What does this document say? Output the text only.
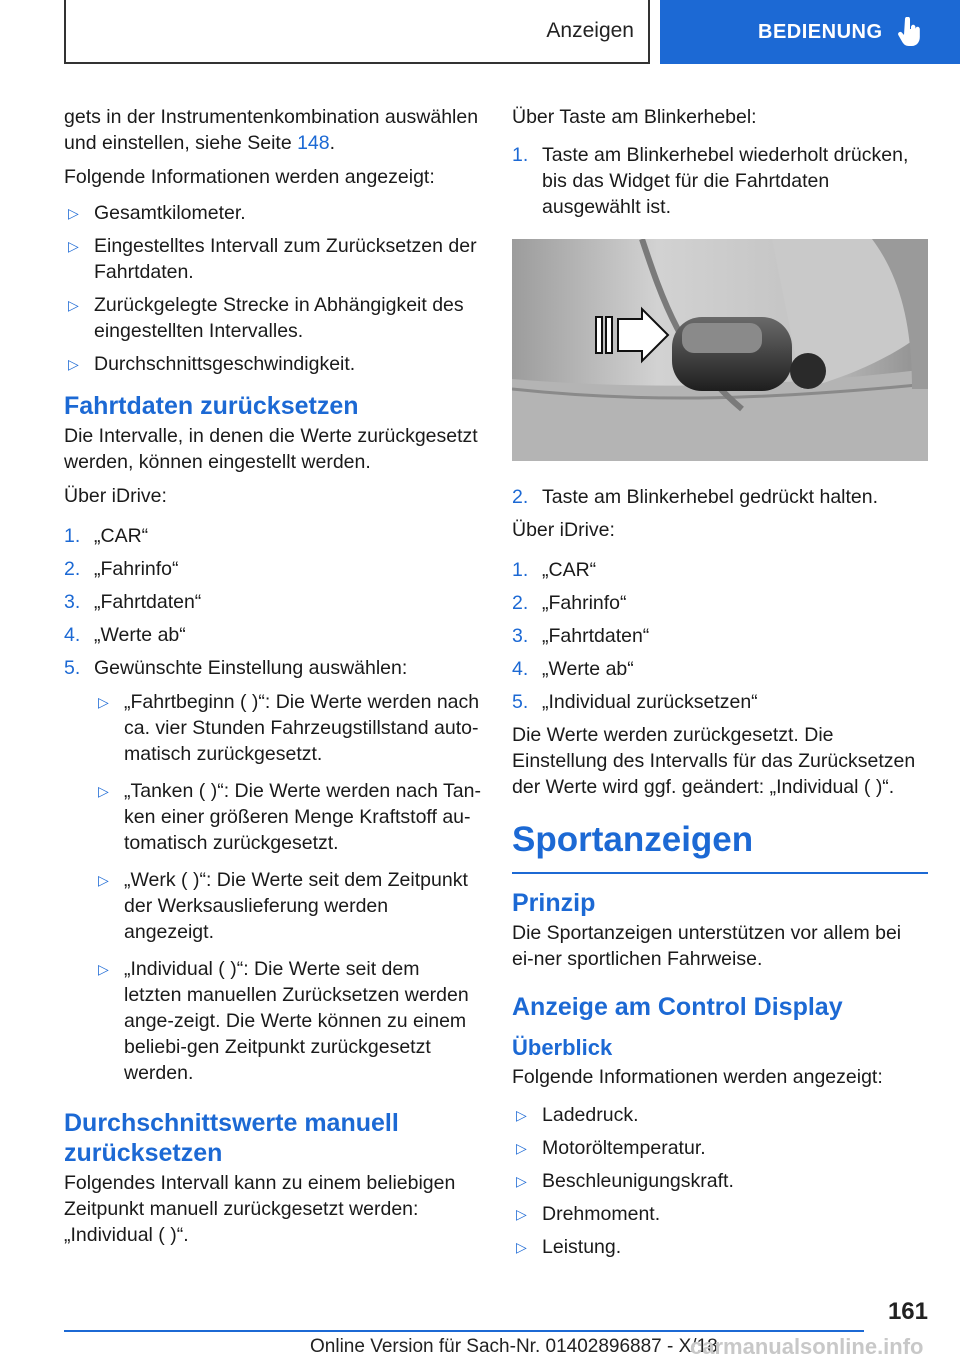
Anzeigen	BEDIENUNG

gets in der Instrumentenkombination auswählen und einstellen, siehe Seite 148.

Folgende Informationen werden angezeigt:

▷ Gesamtkilometer.
▷ Eingestelltes Intervall zum Zurücksetzen der Fahrtdaten.
▷ Zurückgelegte Strecke in Abhängigkeit des eingestellten Intervalles.
▷ Durchschnittsgeschwindigkeit.
Fahrtdaten zurücksetzen

Die Intervalle, in denen die Werte zurückgesetzt werden, können eingestellt werden.

Über iDrive:

1. „CAR“
2. „Fahrinfo“
3. „Fahrtdaten“
4. „Werte ab“
5. Gewünschte Einstellung auswählen:
▷ „Fahrtbeginn ( )“: Die Werte werden nach ca. vier Stunden Fahrzeugstillstand auto-matisch zurückgesetzt.
▷ „Tanken ( )“: Die Werte werden nach Tan-ken einer größeren Menge Kraftstoff au-tomatisch zurückgesetzt.
▷ „Werk ( )“: Die Werte seit dem Zeitpunkt der Werksauslieferung werden angezeigt.
▷ „Individual ( )“: Die Werte seit dem letzten manuellen Zurücksetzen werden ange-zeigt. Die Werte können zu einem beliebi-gen Zeitpunkt zurückgesetzt werden.
Durchschnittswerte manuell zurücksetzen

Folgendes Intervall kann zu einem beliebigen Zeitpunkt manuell zurückgesetzt werden: „Individual ( )“.

Über Taste am Blinkerhebel:

1. Taste am Blinkerhebel wiederholt drücken, bis das Widget für die Fahrtdaten ausgewählt ist.
2. Taste am Blinkerhebel gedrückt halten.

Über iDrive:

1. „CAR“
2. „Fahrinfo“
3. „Fahrtdaten“
4. „Werte ab“
5. „Individual zurücksetzen“

Die Werte werden zurückgesetzt. Die Einstellung des Intervalls für das Zurücksetzen der Werte wird ggf. geändert: „Individual ( )“.

Sportanzeigen
Prinzip

Die Sportanzeigen unterstützen vor allem bei ei-ner sportlichen Fahrweise.

Anzeige am Control Display
Überblick

Folgende Informationen werden angezeigt:

▷ Ladedruck.
▷ Motoröltemperatur.
▷ Beschleunigungskraft.
▷ Drehmoment.
▷ Leistung.
161
Online Version für Sach-Nr. 01402896887 - X/18
carmanualsonline.info
